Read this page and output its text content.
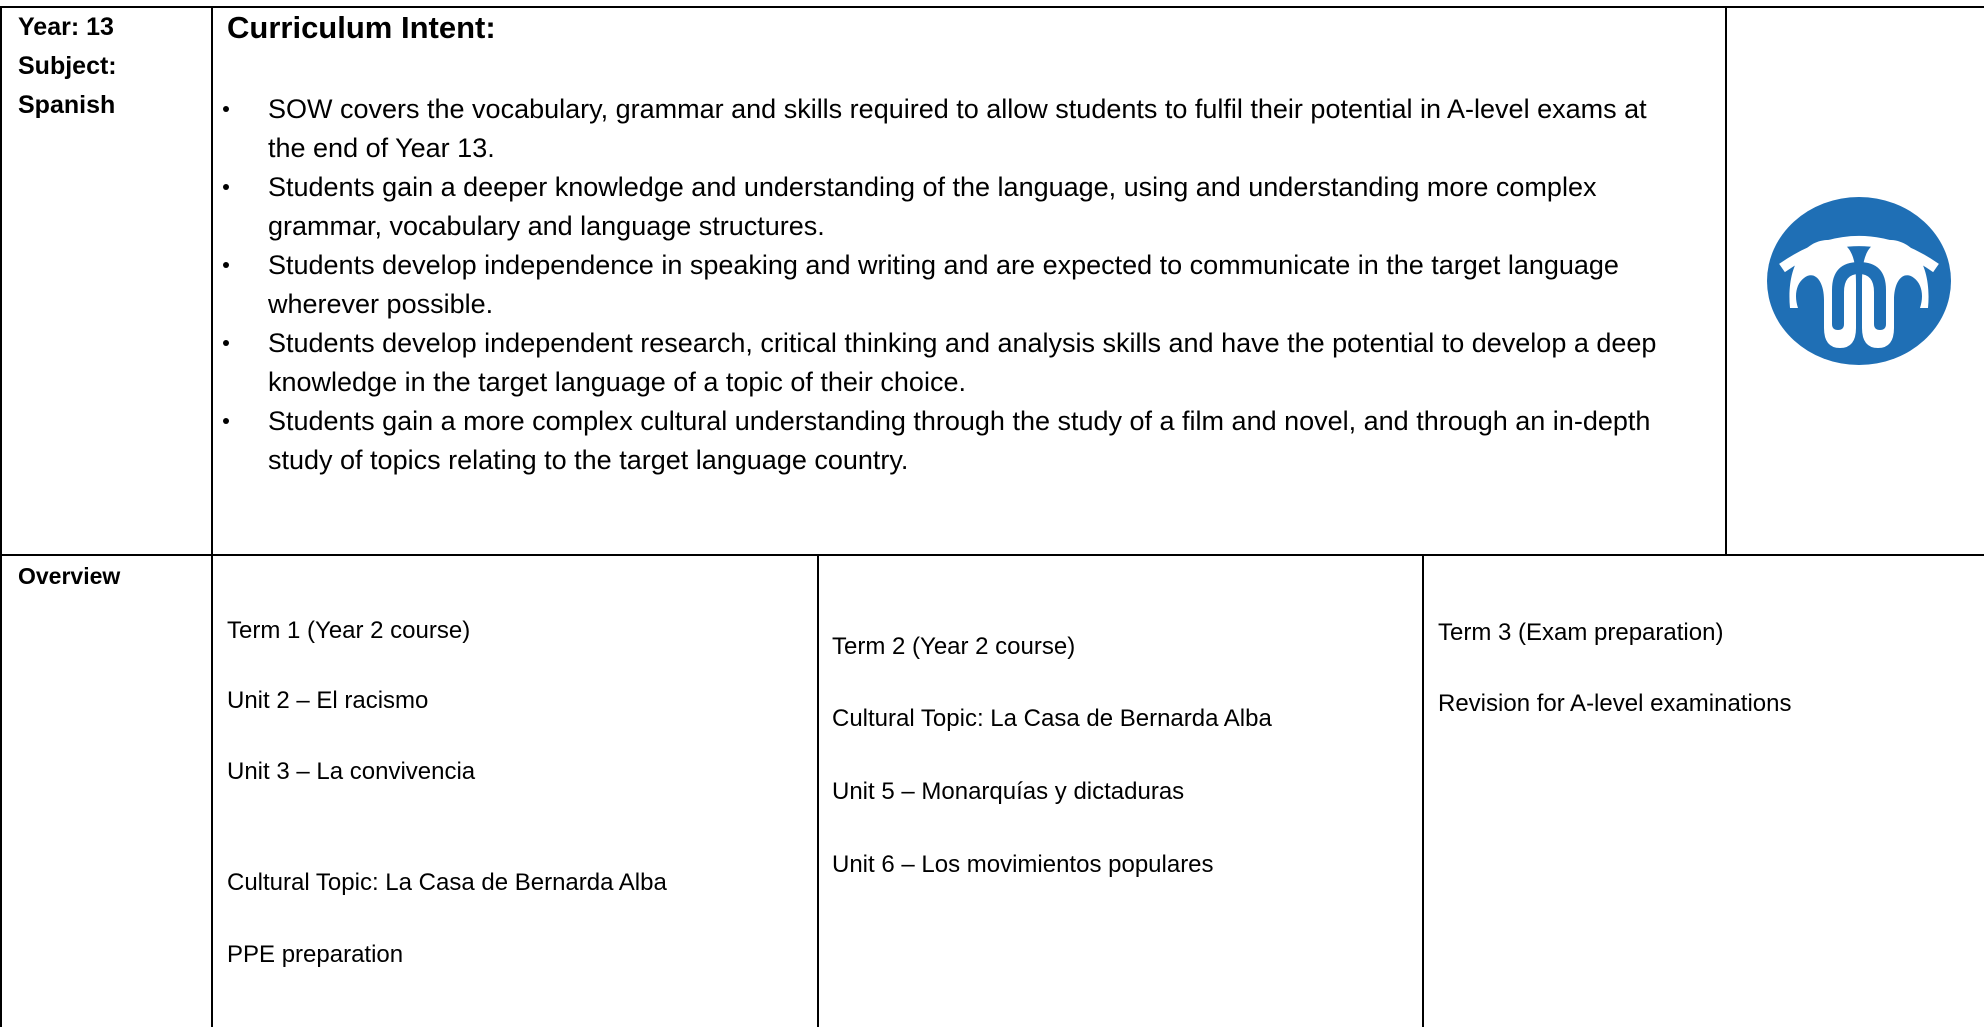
Year: 13
Subject:
Spanish
Curriculum Intent:
SOW covers the vocabulary, grammar and skills required to allow students to fulfil their potential in A-level exams at the end of Year 13.
Students gain a deeper knowledge and understanding of the language, using and understanding more complex grammar, vocabulary and language structures.
Students develop independence in speaking and writing and are expected to communicate in the target language wherever possible.
Students develop independent research, critical thinking and analysis skills and have the potential to develop a deep knowledge in the target language of a topic of their choice.
Students gain a more complex cultural understanding through the study of a film and novel, and through an in-depth study of topics relating to the target language country.
Overview
Term 1 (Year 2 course)
Unit 2 – El racismo
Unit 3 – La convivencia
Cultural Topic: La Casa de Bernarda Alba
PPE preparation
Term 2 (Year 2 course)
Cultural Topic: La Casa de Bernarda Alba
Unit 5 – Monarquías y dictaduras
Unit 6 – Los movimientos populares
Term 3 (Exam preparation)
Revision for A-level examinations
